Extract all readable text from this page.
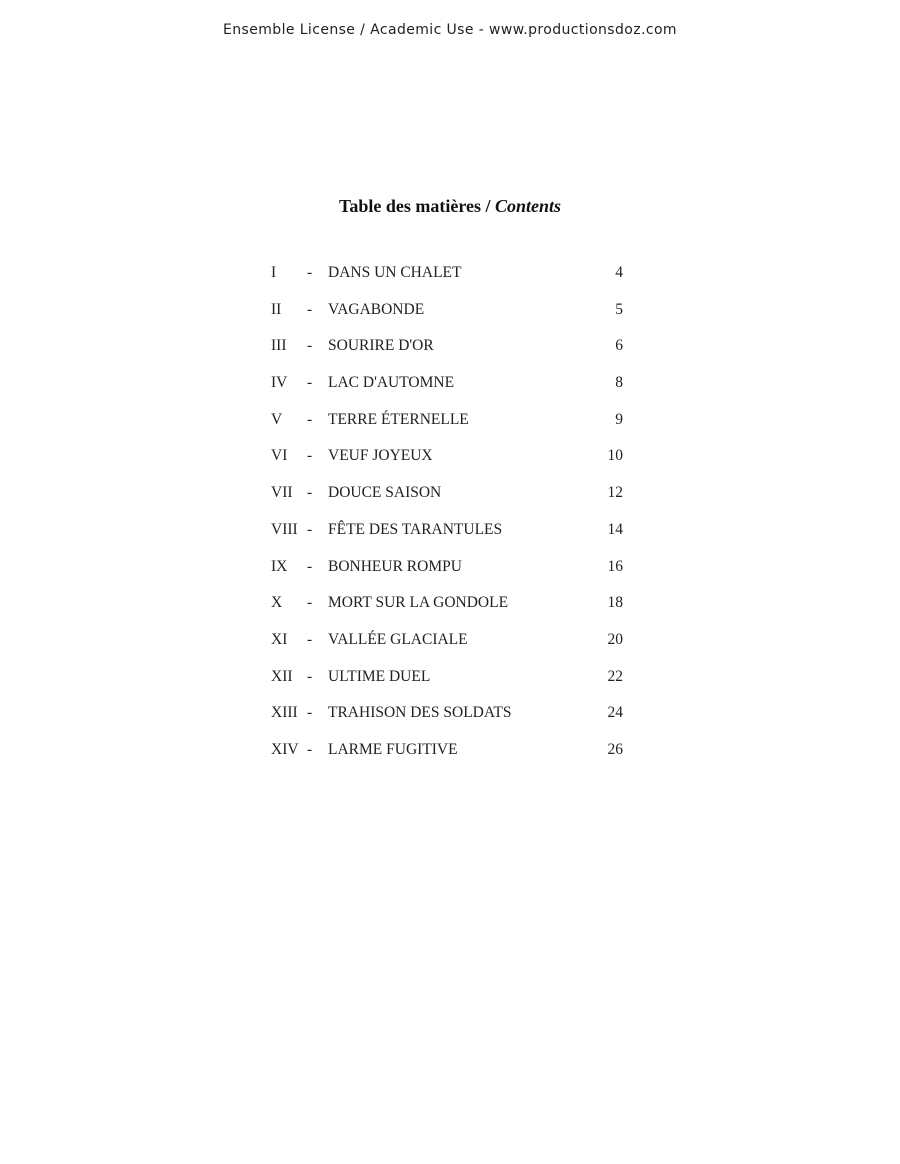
Ensemble License / Academic Use - www.productionsdoz.com
Table des matières / Contents
I - DANS UN CHALET	4
II - VAGABONDE	5
III - SOURIRE D'OR	6
IV - LAC D'AUTOMNE	8
V - TERRE ÉTERNELLE	9
VI - VEUF JOYEUX	10
VII - DOUCE SAISON	12
VIII - FÊTE DES TARANTULES	14
IX - BONHEUR ROMPU	16
X - MORT SUR LA GONDOLE	18
XI - VALLÉE GLACIALE	20
XII - ULTIME DUEL	22
XIII - TRAHISON DES SOLDATS	24
XIV - LARME FUGITIVE	26
